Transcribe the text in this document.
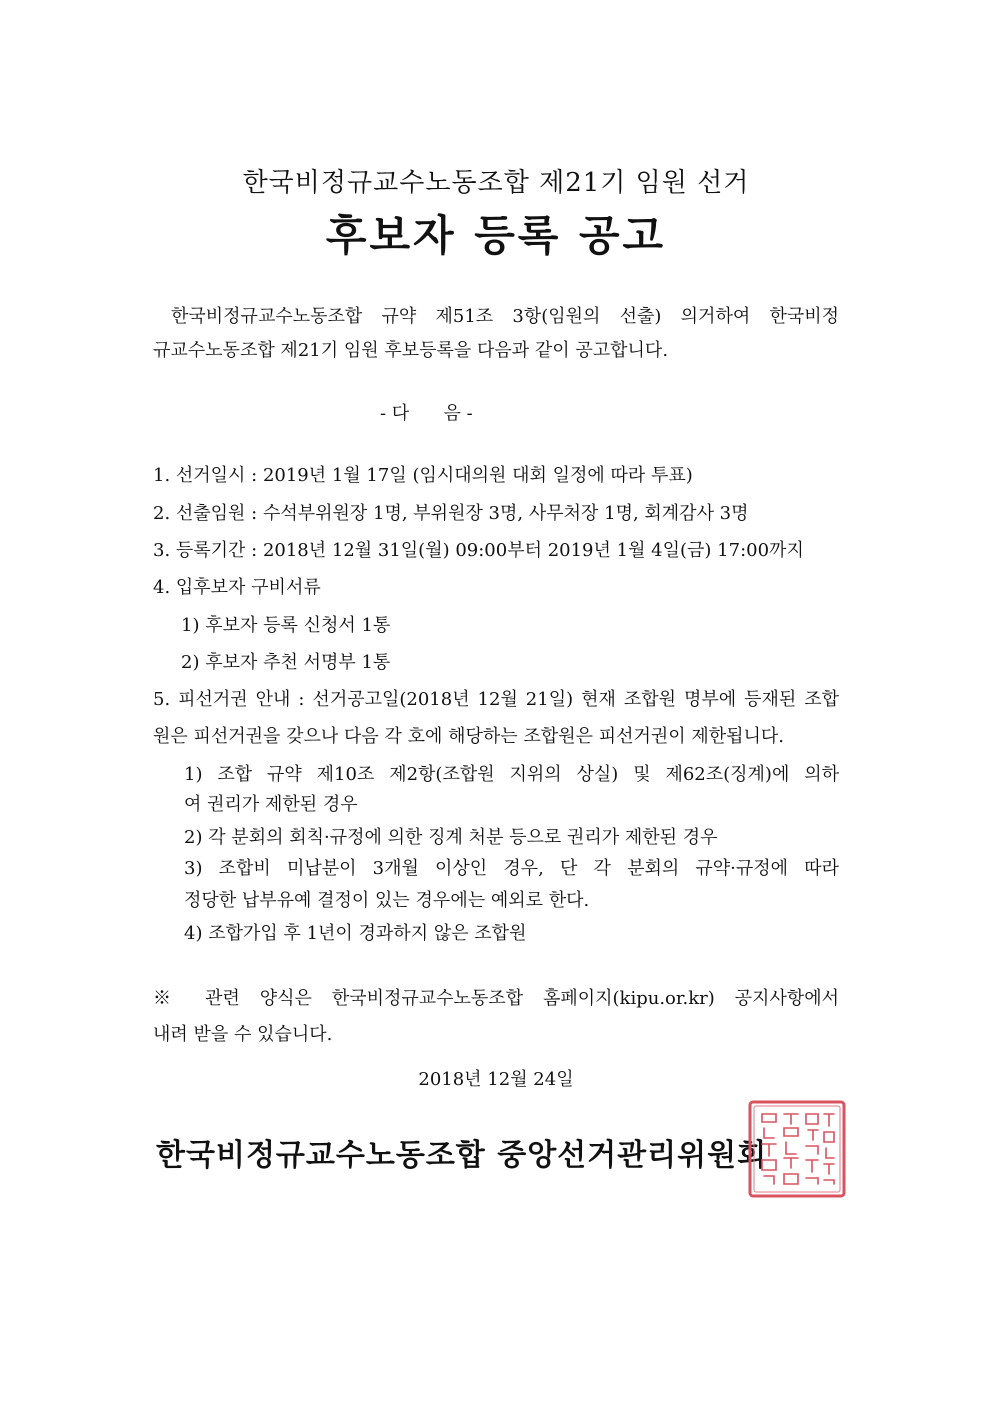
한국비정규교수노동조합 제21기 임원 선거
후보자 등록 공고
한국비정규교수노동조합 규약 제51조 3항(임원의 선출) 의거하여 한국비정
규교수노동조합 제21기 임원 후보등록을 다음과 같이 공고합니다.
- 다      음 -
1. 선거일시 : 2019년 1월 17일 (임시대의원 대회 일정에 따라 투표)
2. 선출임원 : 수석부위원장 1명, 부위원장 3명, 사무처장 1명, 회계감사 3명
3. 등록기간 : 2018년 12월 31일(월) 09:00부터 2019년 1월 4일(금) 17:00까지
4. 입후보자 구비서류
1) 후보자 등록 신청서 1통
2) 후보자 추천 서명부 1통
5. 피선거권 안내 : 선거공고일(2018년 12월 21일) 현재 조합원 명부에 등재된 조합
원은 피선거권을 갖으나 다음 각 호에 해당하는 조합원은 피선거권이 제한됩니다.
1) 조합 규약 제10조 제2항(조합원 지위의 상실) 및 제62조(징계)에 의하
여 권리가 제한된 경우
2) 각 분회의 회칙·규정에 의한 징계 처분 등으로 권리가 제한된 경우
3) 조합비 미납분이 3개월 이상인 경우, 단 각 분회의 규약·규정에 따라
정당한 납부유예 결정이 있는 경우에는 예외로 한다.
4) 조합가입 후 1년이 경과하지 않은 조합원
※ 관련 양식은 한국비정규교수노동조합 홈페이지(kipu.or.kr) 공지사항에서
내려 받을 수 있습니다.
2018년 12월 24일
한국비정규교수노동조합 중앙선거관리위원회
